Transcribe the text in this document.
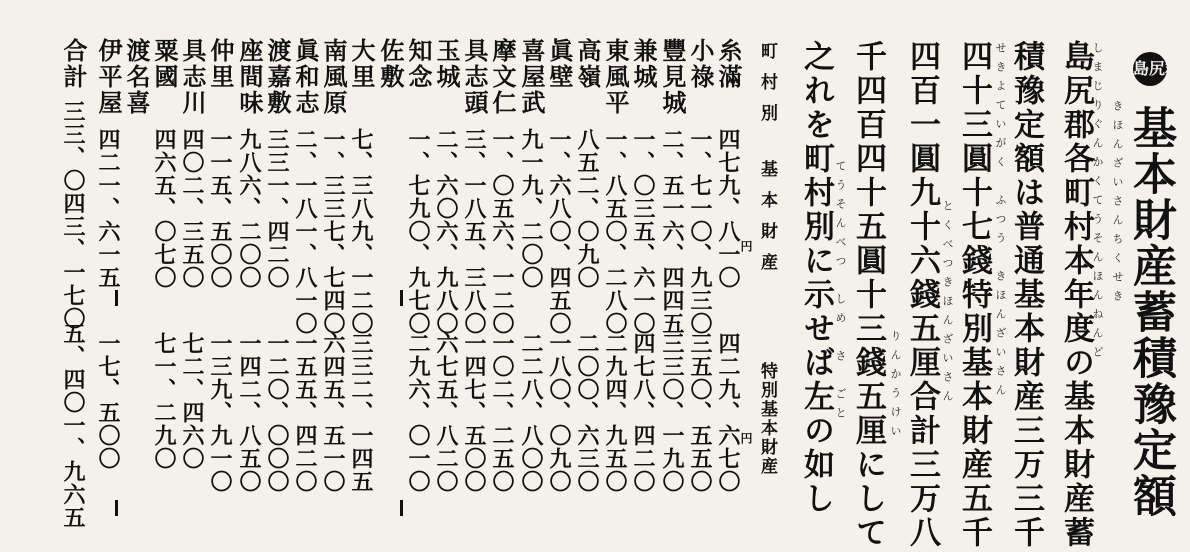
島尻郡 基本財産蓄積豫定額
きほんざいさんちくせき
島尻郡各町村本年度の基本財産蓄
しまじりぐんかくてうそんほんねんど
積豫定額は普通基本財産三万三千
せきよていがく　ふつう　きほんざいさん
四十三圓十七錢特別基本財産五千
とくべつきほんざいさん
四百一圓九十六錢五厘合計三万八
りんかうけい
千四百四十五圓十三錢五厘にして
之れを町村別に示せば左の如し てうそんべつ　しめ　さ　ごと
町村別
基本財産
特別基本財産
円
円
糸滿
四七九、八一〇
四二九、六七〇
小祿
一、七一〇、九三〇
三五〇、五五〇
豐見城
二、五一六、四四五
三三〇、一九〇
兼城
一、〇三五、六一〇
四七八、四二〇
東風平
一、八五〇、二八〇
二九四、九五〇
高嶺
八五二、〇九〇
二〇〇、六三〇
眞壁
一、六八〇、四五〇
一八〇、〇九〇
喜屋武
九一九、二〇〇
二二八、八〇〇
摩文仁
一、〇五六、一二〇
一〇二、二五〇
具志頭
三、一八五、三八〇
一四七、五〇〇
玉城
二、六〇六、九八〇
六七五、八二〇
知念
一、七九〇、九七〇
二九六、〇一〇
佐敷
大里
七、三八九、一二〇
三三二、一四五
南風原
一、三三七、七四〇
六四五、五一〇
眞和志
二、一八一、八一〇
一五五、四二〇
渡嘉敷
三三一、四二〇
一二〇、〇〇〇
座間味
九八六、二〇〇
一四二、八五〇
仲里
一一五、五〇〇
一三九、九一〇
具志川
四〇二、三五〇
七二、四六〇
粟國
四六五、〇七〇
七一、二九〇
渡名喜
伊平屋
四二一、六一五
一七、五〇〇
合計
三三、〇四三、一七〇
五、四〇一、九六五
